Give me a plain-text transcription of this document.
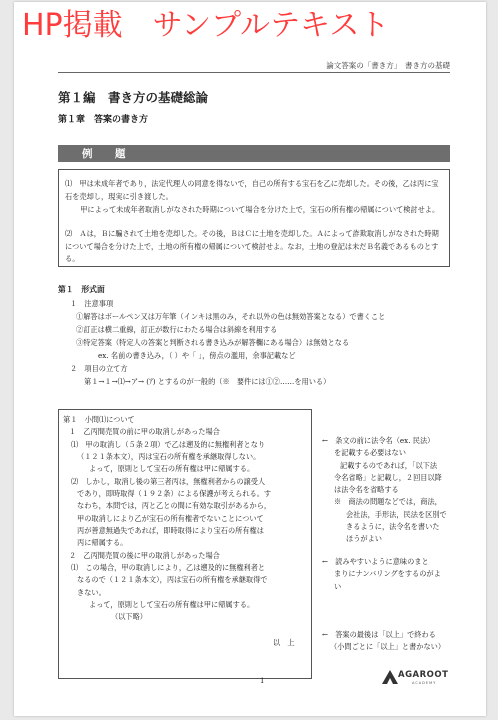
HP掲載　サンプルテキスト
論文答案の「書き方」　書き方の基礎
第１編　書き方の基礎総論
第１章　答案の書き方
例　題
⑴　甲は未成年者であり，法定代理人の同意を得ないで，自己の所有する宝石を乙に売却した。その後，乙は丙に宝石を売却し，現実に引き渡した。
　甲によって未成年者取消しがなされた時期について場合を分けた上で，宝石の所有権の帰属について検討せよ。
⑵　Ａは，Ｂに騙されて土地を売却した。その後，ＢはＣに土地を売却した。Ａによって詐欺取消しがなされた時期について場合を分けた上で，土地の所有権の帰属について検討せよ。なお，土地の登記は未だＢ名義であるものとする。
第１　形式面
１　注意事項
①解答はボールペン又は万年筆（インキは黒のみ，それ以外の色は無効答案となる）で書くこと
②訂正は横二重線，訂正が数行にわたる場合は斜線を利用する
③特定答案（特定人の答案と判断される書き込みが解答欄にある場合）は無効となる
ex. 名前の書き込み，（ ）や「 」，傍点の濫用，余事記載など
２　項目の立て方
第１→１→⑴→ア→ (ｱ) とするのが一般的（※　要件には①②……を用いる）
第１　小問⑴について
１　乙丙間売買の前に甲の取消しがあった場合
⑴　甲の取消し（５条２項）で乙は遡及的に無権利者となり
（１２１条本文），丙は宝石の所有権を承継取得しない。
よって，原則として宝石の所有権は甲に帰属する。
⑵　しかし，取消し後の第三者丙は，無権利者からの譲受人
であり，即時取得（１９２条）による保護が考えられる。す
なわち，本問では，丙と乙との間に有効な取引があるから，
甲の取消しにより乙が宝石の所有権者でないことについて
丙が善意無過失であれば，即時取得により宝石の所有権は
丙に帰属する。
２　乙丙間売買の後に甲の取消しがあった場合
⑴　この場合，甲の取消しにより，乙は遡及的に無権利者と
なるので（１２１条本文），丙は宝石の所有権を承継取得で
きない。
よって，原則として宝石の所有権は甲に帰属する。
（以下略）
以　上
←　条文の前に法令名（ex. 民法）
を記載する必要はない
記載するのであれば，「以下法
令名省略」と記載し，２回目以降
は法令名を省略する
※　商法の問題などでは，商法，
会社法，手形法，民法を区別で
きるように，法令名を書いた
ほうがよい
←　読みやすいように意味のまと
まりにナンバリングをするのがよ
い
←　答案の最後は「以上」で終わる
（小問ごとに「以上」と書かない）
1
AGAROOT
ACADEMY
